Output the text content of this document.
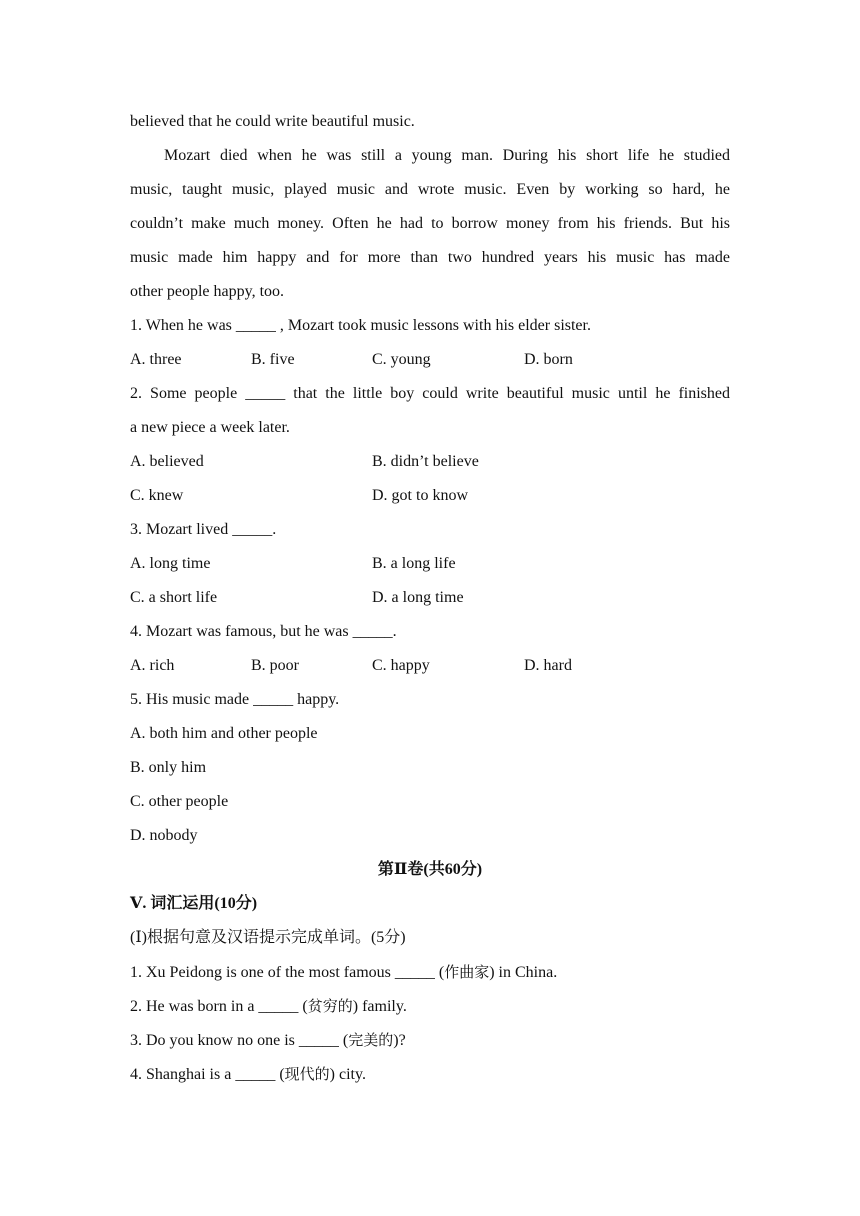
believed that he could write beautiful music.
Mozart died when he was still a young man. During his short life he studied
music, taught music, played music and wrote music. Even by working so hard, he
couldn’t make much money. Often he had to borrow money from his friends. But his
music made him happy and for more than two hundred years his music has made
other people happy, too.
1. When he was _____ , Mozart took music lessons with his elder sister.
A. three	B. five	C. young	D. born
2. Some people _____ that the little boy could write beautiful music until he finished
a new piece a week later.
A. believed	B. didn’t believe
C. knew	D. got to know
3. Mozart lived _____.
A. long time	B. a long life
C. a short life	D. a long time
4. Mozart was famous, but he was _____.
A. rich	B. poor	C. happy	D. hard
5. His music made _____ happy.
A. both him and other people
B. only him
C. other people
D. nobody
第Ⅱ卷(共60分)
Ⅴ. 词汇运用(10分)
(Ⅰ)根据句意及汉语提示完成单词。(5分)
1. Xu Peidong is one of the most famous _____ (作曲家) in China.
2. He was born in a _____ (贫穷的) family.
3. Do you know no one is _____ (完美的)?
4. Shanghai is a _____ (现代的) city.
